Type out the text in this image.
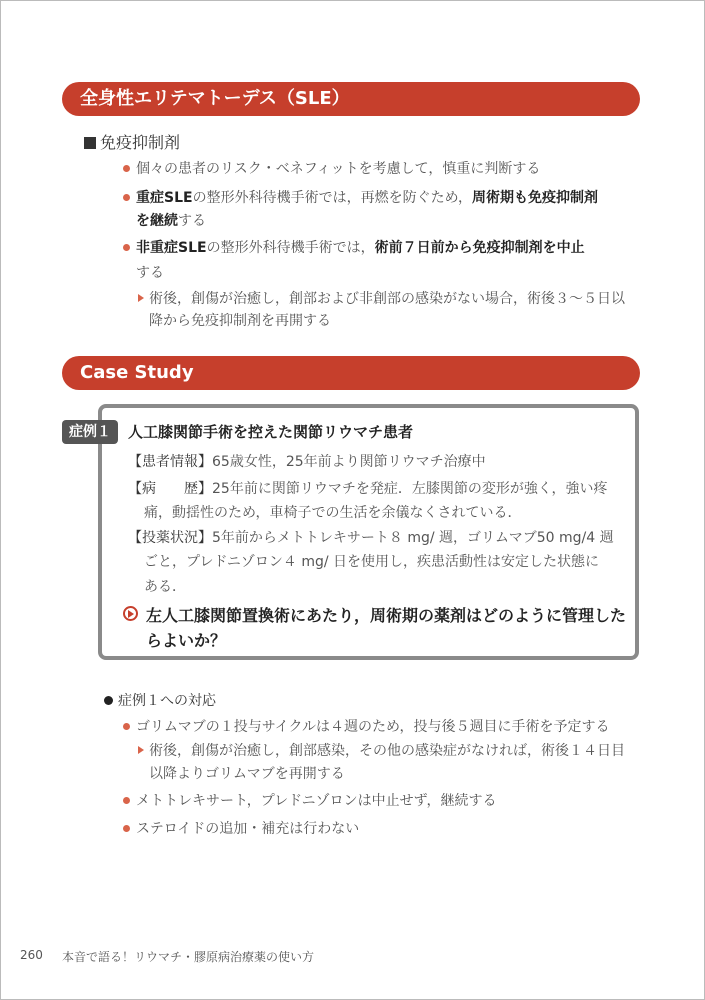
全身性エリテマトーデス（SLE）
免疫抑制剤
個々の患者のリスク・ベネフィットを考慮して，慎重に判断する
重症SLEの整形外科待機手術では，再燃を防ぐため，周術期も免疫抑制剤
を継続する
非重症SLEの整形外科待機手術では，術前７日前から免疫抑制剤を中止
する
術後，創傷が治癒し，創部および非創部の感染がない場合，術後３～５日以
降から免疫抑制剤を再開する
Case Study
症例１	人工膝関節手術を控えた関節リウマチ患者
【患者情報】65歳女性，25年前より関節リウマチ治療中
【病　　歴】25年前に関節リウマチを発症．左膝関節の変形が強く，強い疼
痛，動揺性のため，車椅子での生活を余儀なくされている．
【投薬状況】5年前からメトトレキサート８ mg/ 週，ゴリムマブ50 mg/4 週
ごと，プレドニゾロン４ mg/ 日を使用し，疾患活動性は安定した状態に
ある．
左人工膝関節置換術にあたり，周術期の薬剤はどのように管理した
らよいか？
症例１への対応
ゴリムマブの１投与サイクルは４週のため，投与後５週目に手術を予定する
術後，創傷が治癒し，創部感染，その他の感染症がなければ，術後１４日目
以降よりゴリムマブを再開する
メトトレキサート，プレドニゾロンは中止せず，継続する
ステロイドの追加・補充は行わない
260 本音で語る！リウマチ・膠原病治療薬の使い方
